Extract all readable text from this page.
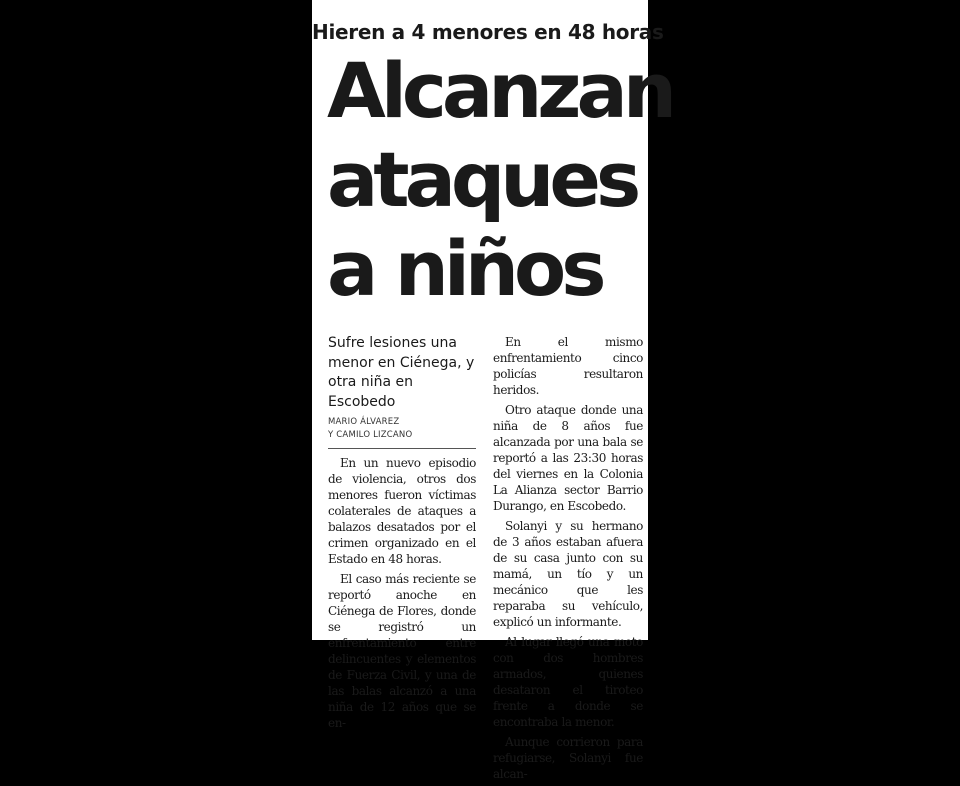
Hieren a 4 menores en 48 horas
Alcanzan
ataques
a niños
Sufre lesiones una menor en Ciénega, y otra niña en Escobedo
MARIO ÁLVAREZ
Y CAMILO LIZCANO

En un nuevo episodio de violencia, otros dos menores fueron víctimas colaterales de ataques a balazos desatados por el crimen organizado en el Estado en 48 horas.

El caso más reciente se reportó anoche en Ciénega de Flores, donde se registró un enfrentamiento entre delincuentes y elementos de Fuerza Civil, y una de las balas alcanzó a una niña de 12 años que se en-

En el mismo enfrentamiento cinco policías resultaron heridos.

Otro ataque donde una niña de 8 años fue alcanzada por una bala se reportó a las 23:30 horas del viernes en la Colonia La Alianza sector Barrio Durango, en Escobedo.

Solanyi y su hermano de 3 años estaban afuera de su casa junto con su mamá, un tío y un mecánico que les reparaba su vehículo, explicó un informante.

Al lugar llegó una moto con dos hombres armados, quienes desataron el tiroteo frente a donde se encontraba la menor.

Aunque corrieron para refugiarse, Solanyi fue alcan-
